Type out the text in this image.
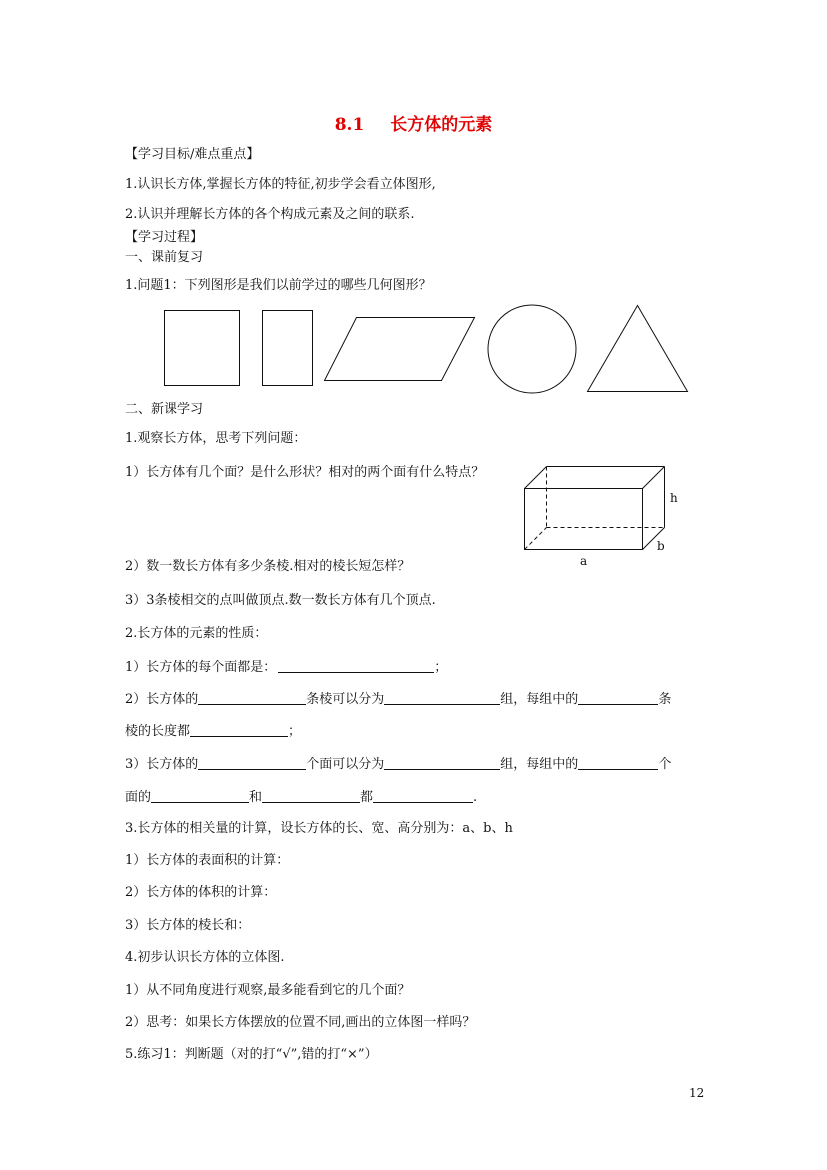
8.1 长方体的元素
【学习目标/难点重点】
1.认识长方体,掌握长方体的特征,初步学会看立体图形,
2.认识并理解长方体的各个构成元素及之间的联系.
【学习过程】
一、课前复习
1.问题1：下列图形是我们以前学过的哪些几何图形？
h
b
a
二、新课学习
1.观察长方体，思考下列问题：
1）长方体有几个面？是什么形状？相对的两个面有什么特点？
2）数一数长方体有多少条棱.相对的棱长短怎样？
3）3条棱相交的点叫做顶点.数一数长方体有几个顶点.
2.长方体的元素的性质：
1）长方体的每个面都是：	；
2）长方体的	条棱可以分为	组，每组中的	条
棱的长度都	；
3）长方体的	个面可以分为	组，每组中的	个
面的	和	都	.
3.长方体的相关量的计算，设长方体的长、宽、高分别为：a、b、h
1）长方体的表面积的计算：
2）长方体的体积的计算：
3）长方体的棱长和：
4.初步认识长方体的立体图.
1）从不同角度进行观察,最多能看到它的几个面？
2）思考：如果长方体摆放的位置不同,画出的立体图一样吗？
5.练习1：判断题（对的打“√”,错的打“×”）
12
